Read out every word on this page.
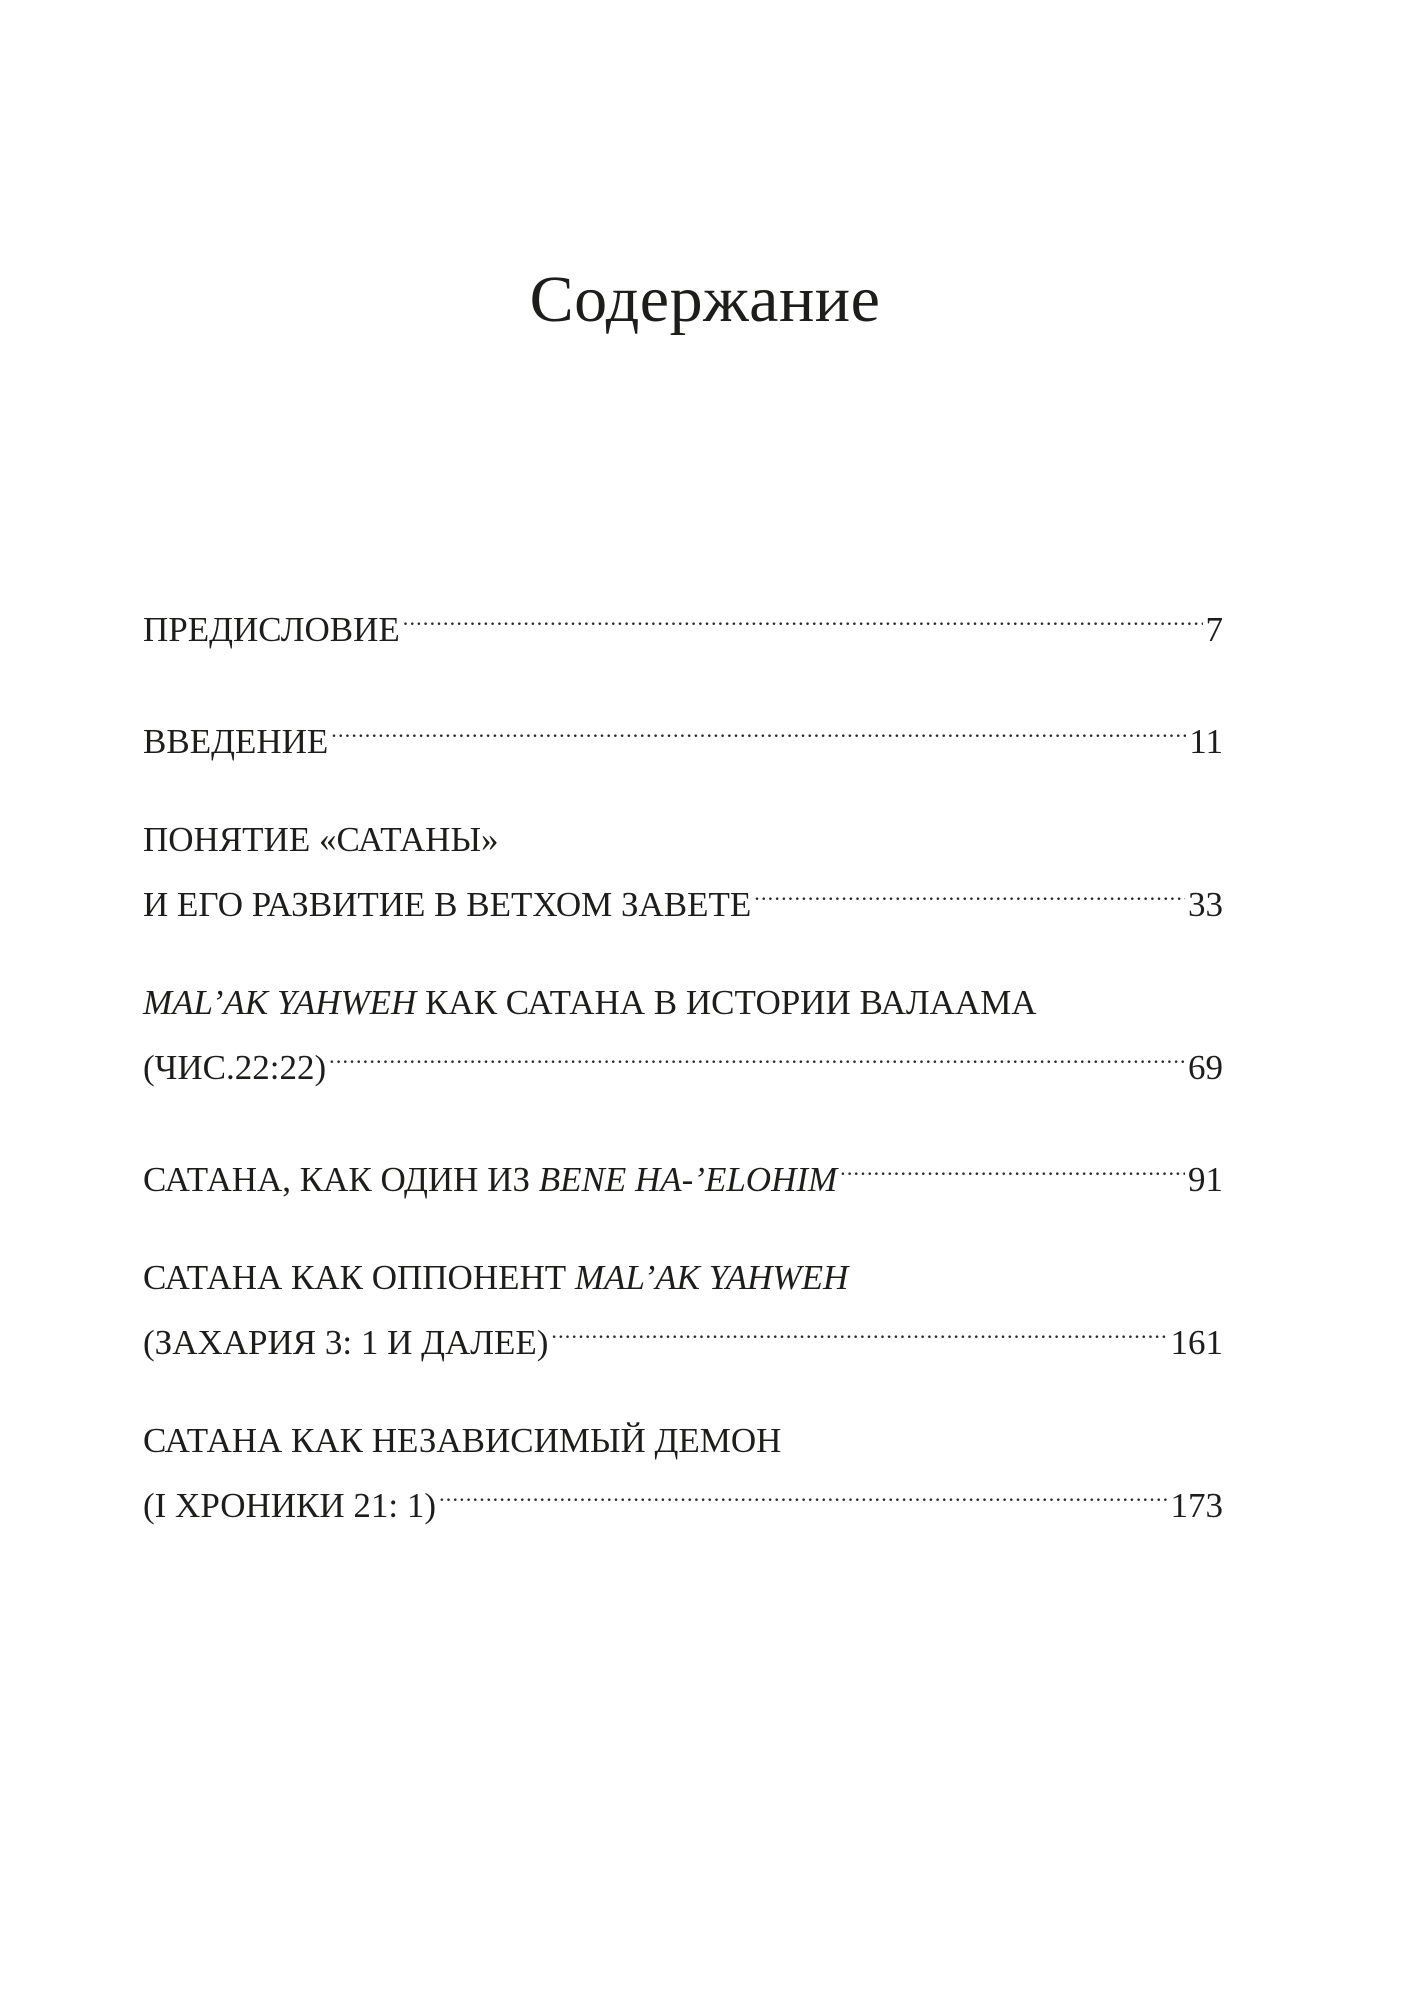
Содержание
ПРЕДИСЛОВИЕ .....	7
ВВЕДЕНИЕ .....	11
ПОНЯТИЕ «САТАНЫ»
И ЕГО РАЗВИТИЕ В ВЕТХОМ ЗАВЕТЕ .....	33
MAL’AK YAHWEH КАК САТАНА В ИСТОРИИ ВАЛААМА
(ЧИС.22:22) .....	69
САТАНА, КАК ОДИН ИЗ BENE HA-’ELOHIM .....	91
САТАНА КАК ОППОНЕНТ MAL’AK YAHWEH
(ЗАХАРИЯ 3: 1 И ДАЛЕЕ) .....	161
САТАНА КАК НЕЗАВИСИМЫЙ ДЕМОН
(I ХРОНИКИ 21: 1) .....	173
